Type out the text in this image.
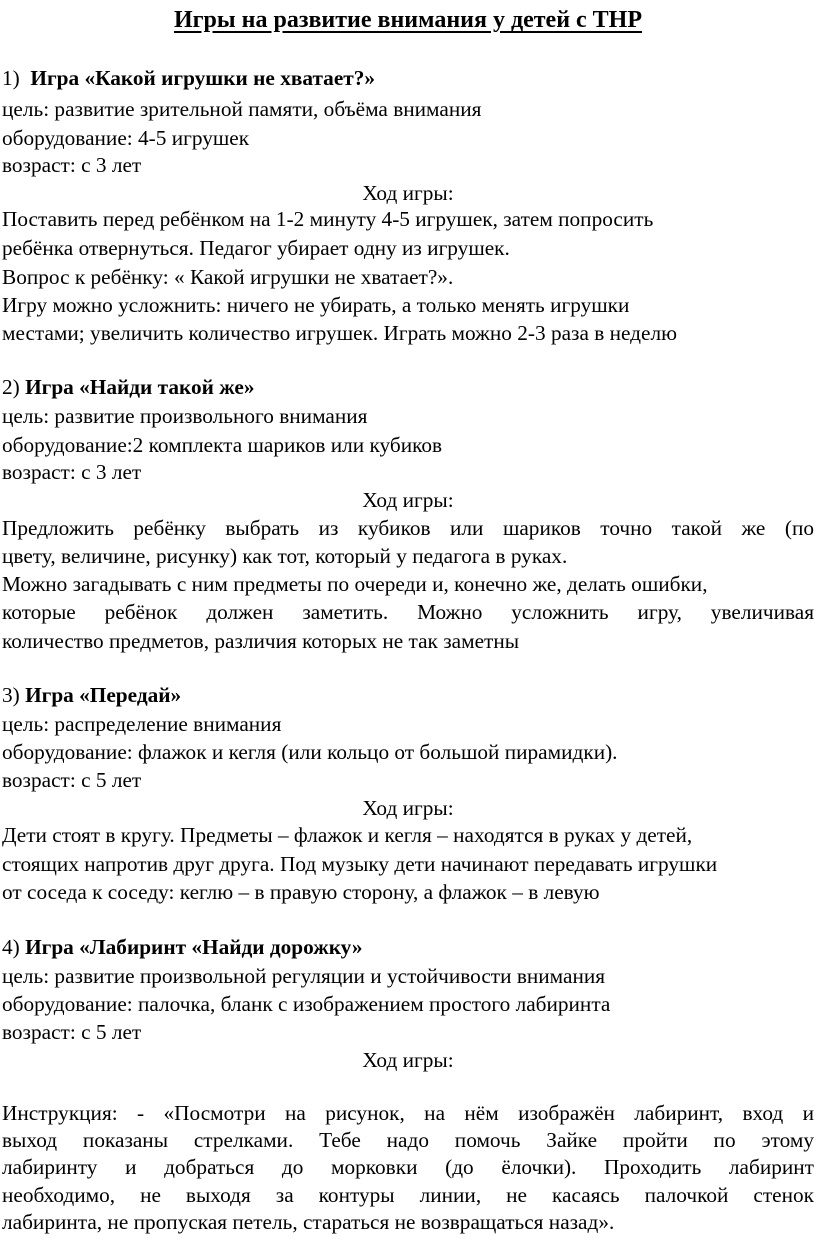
Игры на развитие внимания у детей с ТНР
1) Игра «Какой игрушки не хватает?»
цель: развитие зрительной памяти, объёма внимания
оборудование: 4-5 игрушек
возраст: с 3 лет
Ход игры:
Поставить перед ребёнком на 1-2 минуту 4-5 игрушек, затем попросить
ребёнка отвернуться. Педагог убирает одну из игрушек.
Вопрос к ребёнку: « Какой игрушки не хватает?».
Игру можно усложнить: ничего не убирать, а только менять игрушки
местами; увеличить количество игрушек. Играть можно 2-3 раза в неделю
2) Игра «Найди такой же»
цель: развитие произвольного внимания
оборудование:2 комплекта шариков или кубиков
возраст: с 3 лет
Ход игры:
Предложить ребёнку выбрать из кубиков или шариков точно такой же (по
цвету, величине, рисунку) как тот, который у педагога в руках.
Можно загадывать с ним предметы по очереди и, конечно же, делать ошибки,
которые ребёнок должен заметить. Можно усложнить игру, увеличивая
количество предметов, различия которых не так заметны
3) Игра «Передай»
цель: распределение внимания
оборудование: флажок и кегля (или кольцо от большой пирамидки).
возраст: с 5 лет
Ход игры:
Дети стоят в кругу. Предметы – флажок и кегля – находятся в руках у детей,
стоящих напротив друг друга. Под музыку дети начинают передавать игрушки
от соседа к соседу: кеглю – в правую сторону, а флажок – в левую
4) Игра «Лабиринт «Найди дорожку»
цель: развитие произвольной регуляции и устойчивости внимания
оборудование: палочка, бланк с изображением простого лабиринта
возраст: с 5 лет
Ход игры:
Инструкция: - «Посмотри на рисунок, на нём изображён лабиринт, вход и
выход показаны стрелками. Тебе надо помочь Зайке пройти по этому
лабиринту и добраться до морковки (до ёлочки). Проходить лабиринт
необходимо, не выходя за контуры линии, не касаясь палочкой стенок
лабиринта, не пропуская петель, стараться не возвращаться назад».
